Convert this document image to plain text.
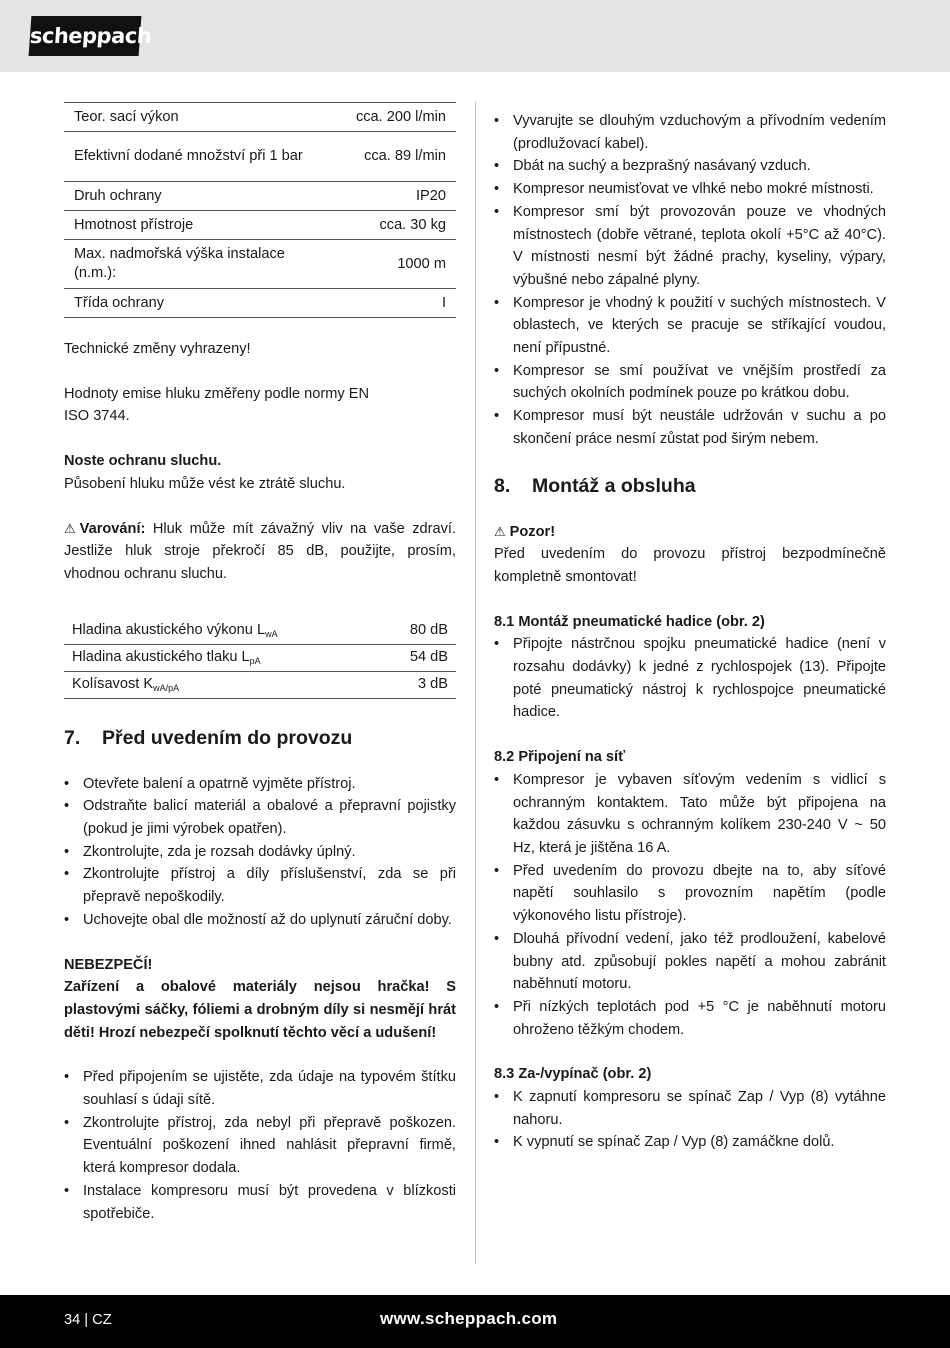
scheppach
Teor. sací výkon	cca. 200 l/min
Efektivní dodané množství při 1 bar	cca. 89 l/min
Druh ochrany	IP20
Hmotnost přístroje	cca. 30 kg
Max. nadmořská výška instalace (n.m.):	1000 m
Třída ochrany	I

Technické změny vyhrazeny!

Hodnoty emise hluku změřeny podle normy EN ISO 3744.

Noste ochranu sluchu.

Působení hluku může vést ke ztrátě sluchu.

⚠ Varování: Hluk může mít závažný vliv na vaše zdraví. Jestliže hluk stroje překročí 85 dB, použijte, prosím, vhodnou ochranu sluchu.

Hladina akustického výkonu $L_{wA}$	80 dB
Hladina akustického tlaku $L_{pA}$	54 dB
Kolísavost $K_{wA/pA}$	3 dB
7. Před uvedením do provozu
• Otevřete balení a opatrně vyjměte přístroj.
• Odstraňte balicí materiál a obalové a přepravní pojistky (pokud je jimi výrobek opatřen).
• Zkontrolujte, zda je rozsah dodávky úplný.
• Zkontrolujte přístroj a díly příslušenství, zda se při přepravě nepoškodily.
• Uchovejte obal dle možností až do uplynutí záruční doby.

NEBEZPEČÍ!

Zařízení a obalové materiály nejsou hračka! S plastovými sáčky, fóliemi a drobným díly si nesmějí hrát děti! Hrozí nebezpečí spolknutí těchto věcí a udušení!

• Před připojením se ujistěte, zda údaje na typovém štítku souhlasí s údaji sítě.
• Zkontrolujte přístroj, zda nebyl při přepravě poškozen. Eventuální poškození ihned nahlásit přepravní firmě, která kompresor dodala.
• Instalace kompresoru musí být provedena v blízkosti spotřebiče.
• Vyvarujte se dlouhým vzduchovým a přívodním vedením (prodlužovací kabel).
• Dbát na suchý a bezprašný nasávaný vzduch.
• Kompresor neumisťovat ve vlhké nebo mokré místnosti.
• Kompresor smí být provozován pouze ve vhodných místnostech (dobře větrané, teplota okolí +5°C až 40°C). V místnosti nesmí být žádné prachy, kyseliny, výpary, výbušné nebo zápalné plyny.
• Kompresor je vhodný k použití v suchých místnostech. V oblastech, ve kterých se pracuje se stříkající voudou, není přípustné.
• Kompresor se smí používat ve vnějším prostředí za suchých okolních podmínek pouze po krátkou dobu.
• Kompresor musí být neustále udržován v suchu a po skončení práce nesmí zůstat pod širým nebem.
8. Montáž a obsluha

⚠ Pozor!

Před uvedením do provozu přístroj bezpodmínečně kompletně smontovat!

8.1 Montáž pneumatické hadice (obr. 2)
• Připojte nástrčnou spojku pneumatické hadice (není v rozsahu dodávky) k jedné z rychlospojek (13). Připojte poté pneumatický nástroj k rychlospojce pneumatické hadice.
8.2 Připojení na síť
• Kompresor je vybaven síťovým vedením s vidlicí s ochranným kontaktem. Tato může být připojena na každou zásuvku s ochranným kolíkem 230-240 V ~ 50 Hz, která je jištěna 16 A.
• Před uvedením do provozu dbejte na to, aby síťové napětí souhlasilo s provozním napětím (podle výkonového listu přístroje).
• Dlouhá přívodní vedení, jako též prodloužení, kabelové bubny atd. způsobují pokles napětí a mohou zabránit naběhnutí motoru.
• Při nízkých teplotách pod +5 °C je naběhnutí motoru ohroženo těžkým chodem.
8.3 Za-/vypínač (obr. 2)
• K zapnutí kompresoru se spínač Zap / Vyp (8) vytáhne nahoru.
• K vypnutí se spínač Zap / Vyp (8) zamáčkne dolů.
34 | CZ	www.scheppach.com
